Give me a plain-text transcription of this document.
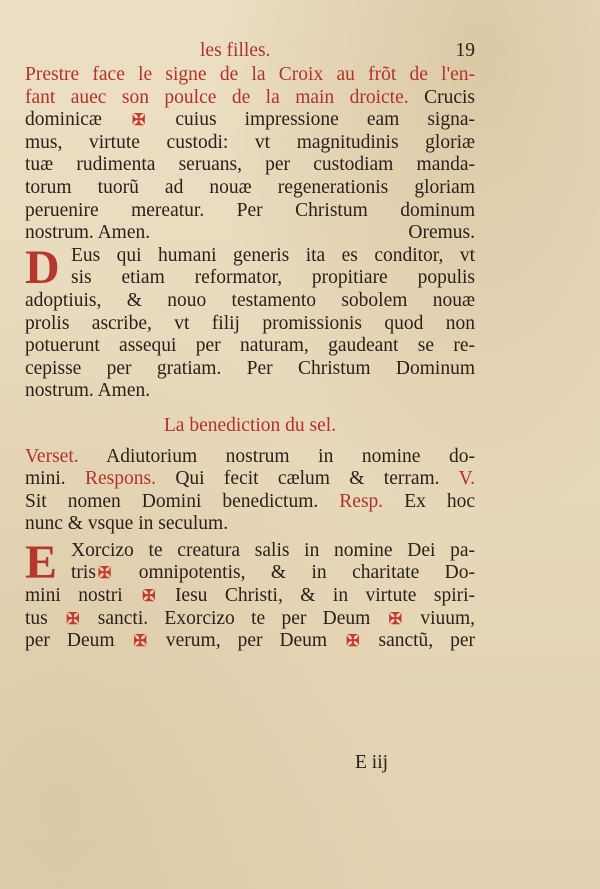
les filles.	19
Prestre face le signe de la Croix au frõt de l'en-
fant auec son poulce de la main droicte. Crucis
dominicæ ✠ cuius impressione eam signa-
mus, virtute custodi: vt magnitudinis gloriæ
tuæ rudimenta seruans, per custodiam manda-
torum tuorũ ad nouæ regenerationis gloriam
peruenire mereatur. Per Christum dominum
nostrum. Amen.	Oremus.
D Eus qui humani generis ita es conditor, vt
sis etiam reformator, propitiare populis
adoptiuis, & nouo testamento sobolem nouæ
prolis ascribe, vt filij promissionis quod non
potuerunt assequi per naturam, gaudeant se re-
cepisse per gratiam. Per Christum Dominum
nostrum. Amen.
La benediction du sel.
Verset. Adiutorium nostrum in nomine do-
mini. Respons. Qui fecit cælum & terram. V.
Sit nomen Domini benedictum. Resp. Ex hoc
nunc & vsque in seculum.
E Xorcizo te creatura salis in nomine Dei pa-
tris ✠ omnipotentis, & in charitate Do-
mini nostri ✠ Iesu Christi, & in virtute spiri-
tus ✠ sancti. Exorcizo te per Deum ✠ viuum,
per Deum ✠ verum, per Deum ✠ sanctũ, per
E iij
